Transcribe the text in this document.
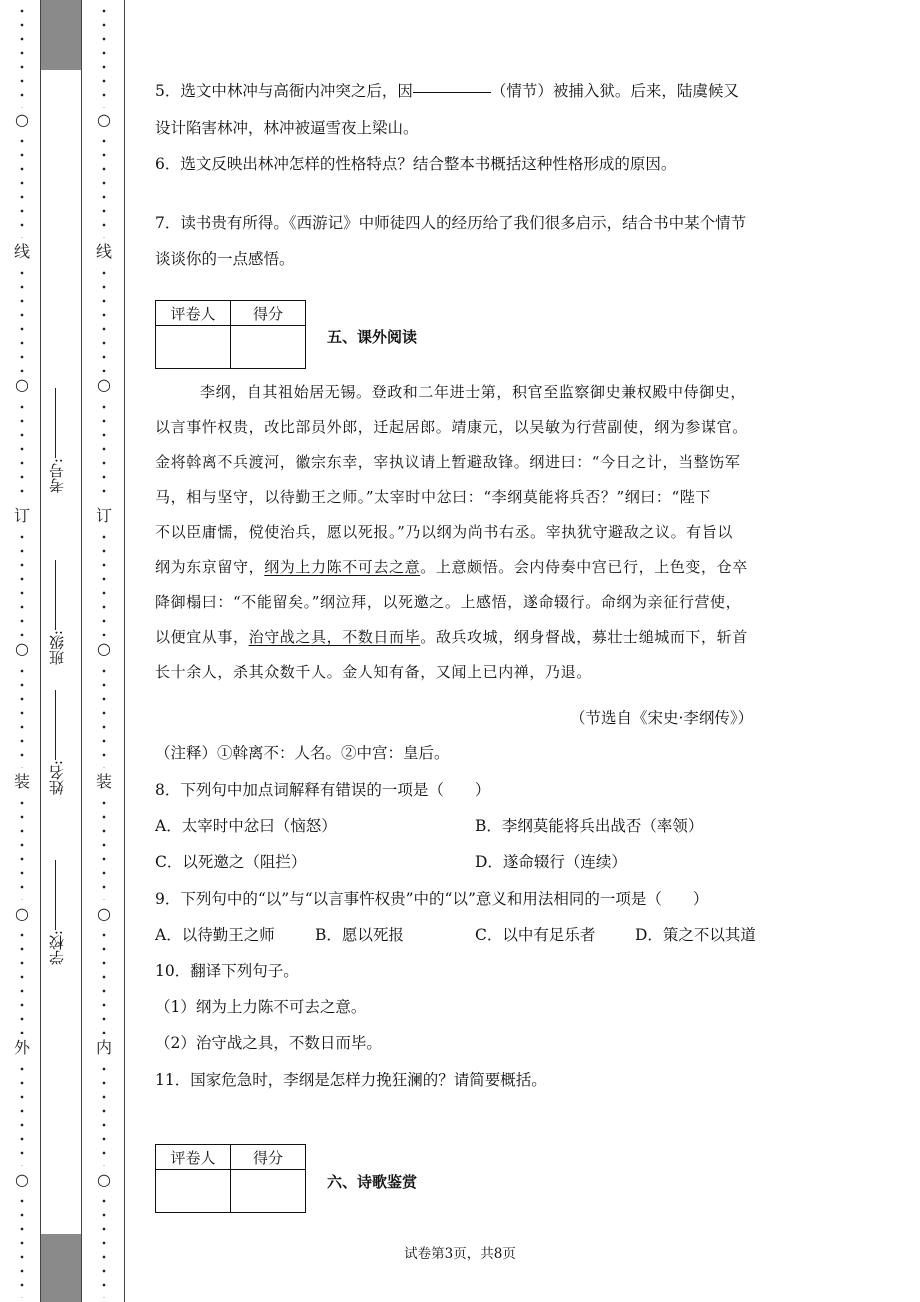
○
线
○
订
○
装
○
外
○
○
线
○
订
○
装
○
内
○
学校:
姓名:
班级:
考号:
5．选文中林冲与高衙内冲突之后，因	（情节）被捕入狱。后来，陆虞候又
设计陷害林冲，林冲被逼雪夜上梁山。
6．选文反映出林冲怎样的性格特点？结合整本书概括这种性格形成的原因。
7．读书贵有所得。《西游记》中师徒四人的经历给了我们很多启示，结合书中某个情节
谈谈你的一点感悟。
评卷人	得分

五、课外阅读
李纲，自其祖始居无锡。登政和二年进士第，积官至监察御史兼权殿中侍御史，
以言事忤权贵，改比部员外郎，迁起居郎。靖康元，以吴敏为行营副使，纲为参谋官。
金将斡离不兵渡河，徽宗东幸，宰执议请上暂避敌锋。纲进曰：“今日之计，当整饬军
马，相与坚守，以待勤王之师。”太宰时中忿曰：“李纲莫能将兵否？”纲曰：“陛下
不以臣庸懦，傥使治兵，愿以死报。”乃以纲为尚书右丞。宰执犹守避敌之议。有旨以
纲为东京留守，纲为上力陈不可去之意。上意颇悟。会内侍奏中宫已行，上色变，仓卒
降御榻曰：“不能留矣。”纲泣拜，以死邀之。上感悟，遂命辍行。命纲为亲征行营使，
以便宜从事，治守战之具，不数日而毕。敌兵攻城，纲身督战，募壮士缒城而下，斩首
长十余人，杀其众数千人。金人知有备，又闻上已内禅，乃退。
（节选自《宋史·李纲传》）
（注释）①斡离不：人名。②中宫：皇后。
8．下列句中加点词解释有错误的一项是（　　）
A．太宰时中忿曰（恼怒）	B．李纲莫能将兵出战否（率领）
C．以死邀之（阻拦）	D．遂命辍行（连续）
9．下列句中的“以”与“以言事忤权贵”中的“以”意义和用法相同的一项是（　　）
A．以待勤王之师	B．愿以死报	C．以中有足乐者	D．策之不以其道
10．翻译下列句子。
（1）纲为上力陈不可去之意。
（2）治守战之具，不数日而毕。
11．国家危急时，李纲是怎样力挽狂澜的？请简要概括。
评卷人	得分

六、诗歌鉴赏
试卷第3页，共8页
